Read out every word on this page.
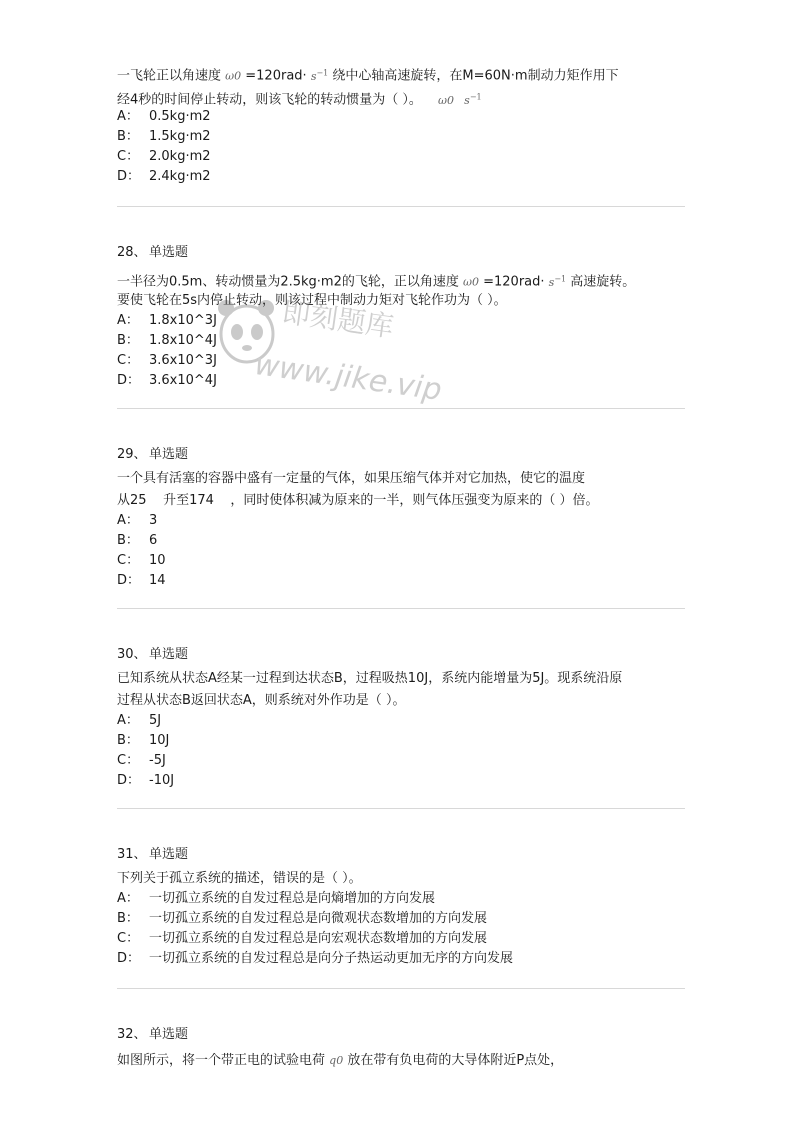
一飞轮正以角速度 $\omega 0 =120rad\cdot s^{-1}$ 绕中心轴高速旋转，在M=60N·m制动力矩作用下
经4秒的时间停止转动，则该飞轮的转动惯量为（ ）。 ω0 $s^{-1}$
A： 0.5kg·m2
B： 1.5kg·m2
C： 2.0kg·m2
D： 2.4kg·m2
28、 单选题
一半径为0.5m、转动惯量为2.5kg·m2的飞轮，正以角速度 $\omega 0 =120rad\cdot s^{-1}$ 高速旋转。
要使飞轮在5s内停止转动，则该过程中制动力矩对飞轮作功为（ ）。
A： 1.8x10^3J
B： 1.8x10^4J
C： 3.6x10^3J
D： 3.6x10^4J
29、 单选题
一个具有活塞的容器中盛有一定量的气体，如果压缩气体并对它加热，使它的温度
从25    升至174    ，同时使体积减为原来的一半，则气体压强变为原来的（ ）倍。
A： 3
B： 6
C： 10
D： 14
30、 单选题
已知系统从状态A经某一过程到达状态B，过程吸热10J，系统内能增量为5J。现系统沿原
过程从状态B返回状态A，则系统对外作功是（ ）。
A： 5J
B： 10J
C： -5J
D： -10J
31、 单选题
下列关于孤立系统的描述，错误的是（ ）。
A： 一切孤立系统的自发过程总是向熵增加的方向发展
B： 一切孤立系统的自发过程总是向微观状态数增加的方向发展
C： 一切孤立系统的自发过程总是向宏观状态数增加的方向发展
D： 一切孤立系统的自发过程总是向分子热运动更加无序的方向发展
32、 单选题
如图所示，将一个带正电的试验电荷 q0 放在带有负电荷的大导体附近P点处，
即刻题库
www.jike.vip
